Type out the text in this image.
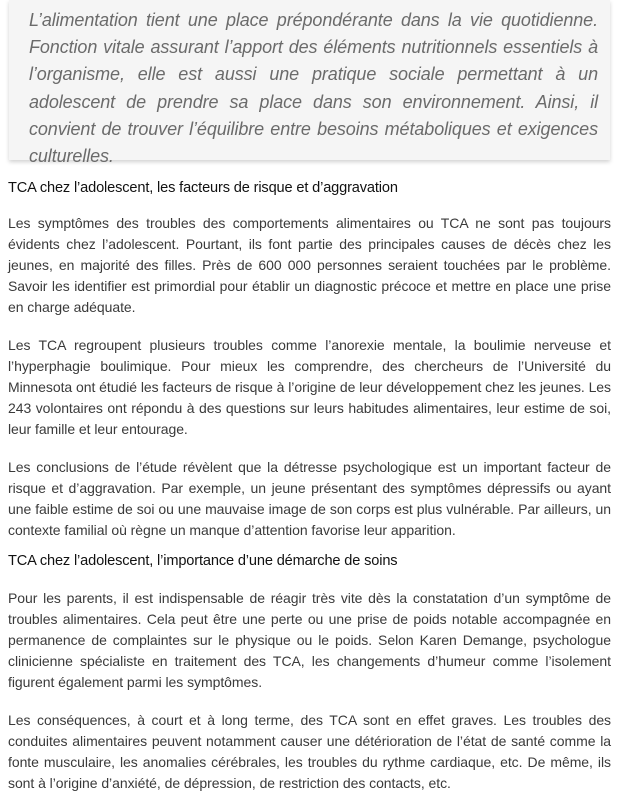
L’alimentation tient une place prépondérante dans la vie quotidienne. Fonction vitale assurant l’apport des éléments nutritionnels essentiels à l’organisme, elle est aussi une pratique sociale permettant à un adolescent de prendre sa place dans son environnement. Ainsi, il convient de trouver l’équilibre entre besoins métaboliques et exigences culturelles.

TCA chez l’adolescent, les facteurs de risque et d’aggravation

Les symptômes des troubles des comportements alimentaires ou TCA ne sont pas toujours évidents chez l’adolescent. Pourtant, ils font partie des principales causes de décès chez les jeunes, en majorité des filles. Près de 600 000 personnes seraient touchées par le problème. Savoir les identifier est primordial pour établir un diagnostic précoce et mettre en place une prise en charge adéquate.

Les TCA regroupent plusieurs troubles comme l’anorexie mentale, la boulimie nerveuse et l’hyperphagie boulimique. Pour mieux les comprendre, des chercheurs de l’Université du Minnesota ont étudié les facteurs de risque à l’origine de leur développement chez les jeunes. Les 243 volontaires ont répondu à des questions sur leurs habitudes alimentaires, leur estime de soi, leur famille et leur entourage.

Les conclusions de l’étude révèlent que la détresse psychologique est un important facteur de risque et d’aggravation. Par exemple, un jeune présentant des symptômes dépressifs ou ayant une faible estime de soi ou une mauvaise image de son corps est plus vulnérable. Par ailleurs, un contexte familial où règne un manque d’attention favorise leur apparition.

TCA chez l’adolescent, l’importance d’une démarche de soins

Pour les parents, il est indispensable de réagir très vite dès la constatation d’un symptôme de troubles alimentaires. Cela peut être une perte ou une prise de poids notable accompagnée en permanence de complaintes sur le physique ou le poids. Selon Karen Demange, psychologue clinicienne spécialiste en traitement des TCA, les changements d’humeur comme l’isolement figurent également parmi les symptômes.

Les conséquences, à court et à long terme, des TCA sont en effet graves. Les troubles des conduites alimentaires peuvent notamment causer une détérioration de l’état de santé comme la fonte musculaire, les anomalies cérébrales, les troubles du rythme cardiaque, etc. De même, ils sont à l’origine d’anxiété, de dépression, de restriction des contacts, etc.
